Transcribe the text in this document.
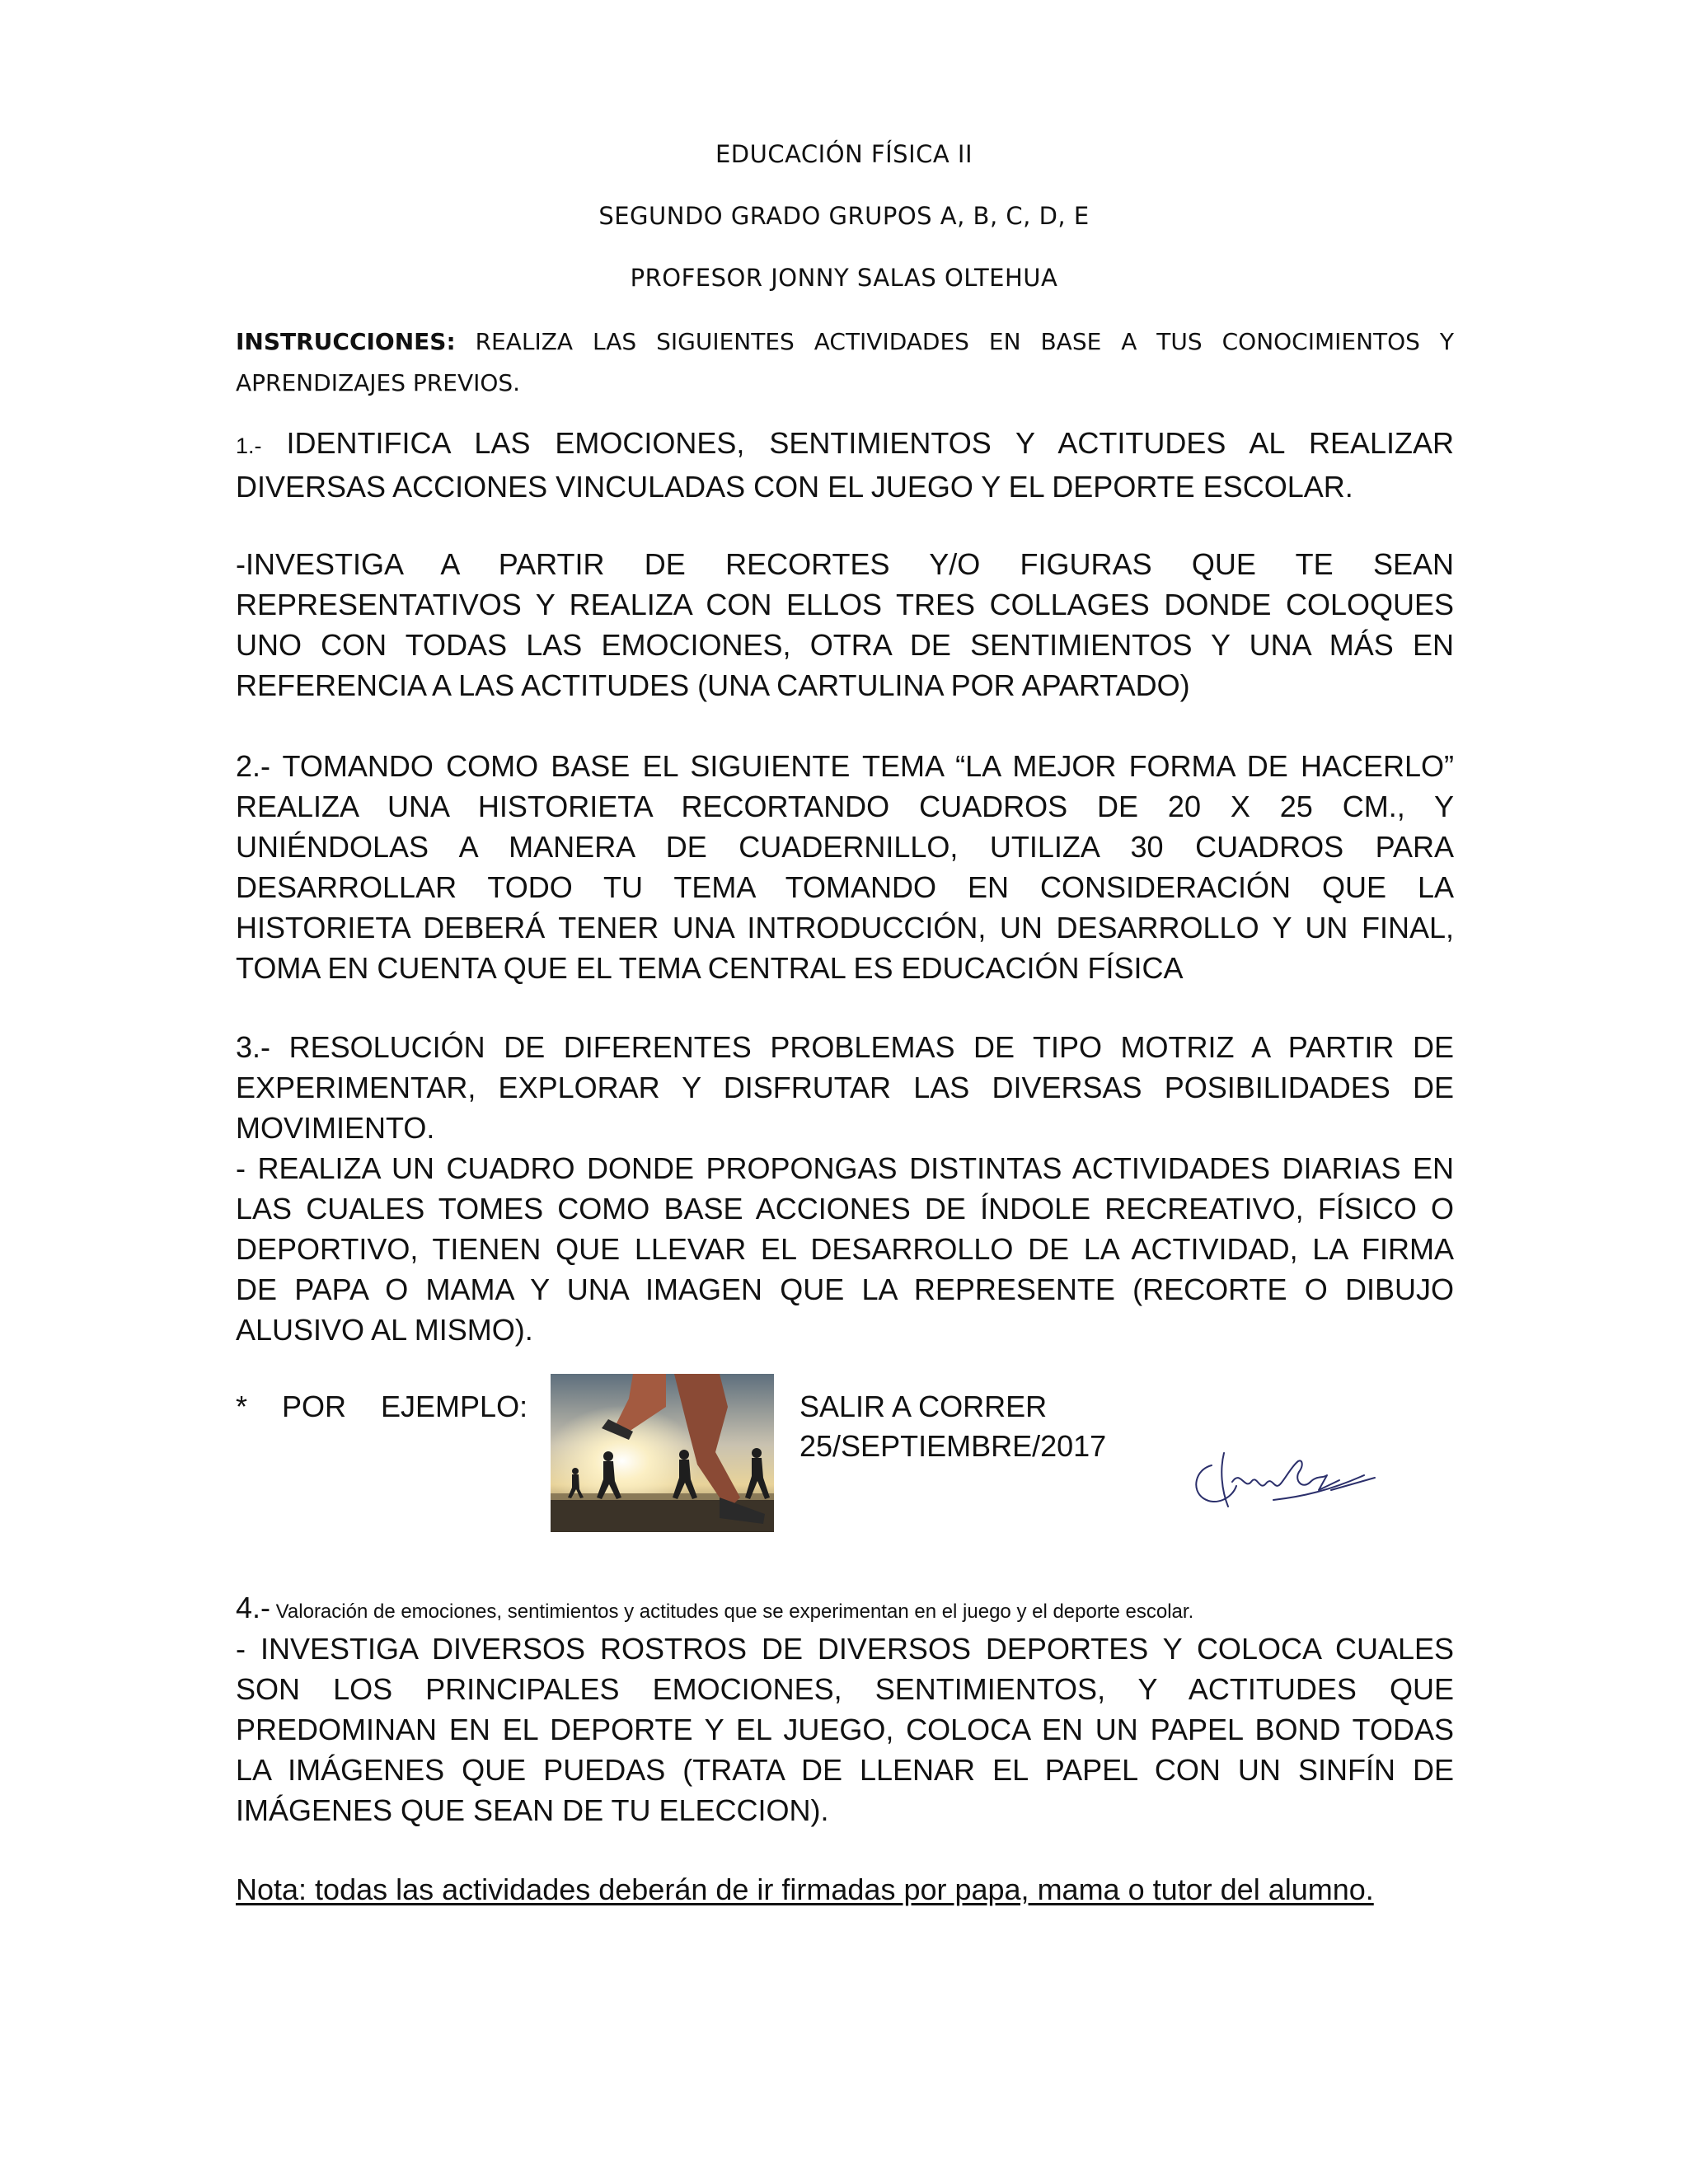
EDUCACIÓN FÍSICA II
SEGUNDO GRADO GRUPOS A, B, C, D, E
PROFESOR JONNY SALAS OLTEHUA
INSTRUCCIONES: REALIZA LAS SIGUIENTES ACTIVIDADES EN BASE A TUS CONOCIMIENTOS Y
APRENDIZAJES PREVIOS.
1.- IDENTIFICA LAS EMOCIONES, SENTIMIENTOS Y ACTITUDES AL REALIZAR
DIVERSAS ACCIONES VINCULADAS CON EL JUEGO Y EL DEPORTE ESCOLAR.
-INVESTIGA A PARTIR DE RECORTES Y/O FIGURAS QUE TE SEAN
REPRESENTATIVOS Y REALIZA CON ELLOS TRES COLLAGES DONDE COLOQUES
UNO CON TODAS LAS EMOCIONES, OTRA DE SENTIMIENTOS Y UNA MÁS EN
REFERENCIA A LAS ACTITUDES (UNA CARTULINA POR APARTADO)
2.- TOMANDO COMO BASE EL SIGUIENTE TEMA “LA MEJOR FORMA DE HACERLO”
REALIZA UNA HISTORIETA RECORTANDO CUADROS DE 20 X 25 CM., Y
UNIÉNDOLAS A MANERA DE CUADERNILLO, UTILIZA 30 CUADROS PARA
DESARROLLAR TODO TU TEMA TOMANDO EN CONSIDERACIÓN QUE LA
HISTORIETA DEBERÁ TENER UNA INTRODUCCIÓN, UN DESARROLLO Y UN FINAL,
TOMA EN CUENTA QUE EL TEMA CENTRAL ES EDUCACIÓN FÍSICA
3.- RESOLUCIÓN DE DIFERENTES PROBLEMAS DE TIPO MOTRIZ A PARTIR DE
EXPERIMENTAR, EXPLORAR Y DISFRUTAR LAS DIVERSAS POSIBILIDADES DE
MOVIMIENTO.
- REALIZA UN CUADRO DONDE PROPONGAS DISTINTAS ACTIVIDADES DIARIAS EN
LAS CUALES TOMES COMO BASE ACCIONES DE ÍNDOLE RECREATIVO, FÍSICO O
DEPORTIVO, TIENEN QUE LLEVAR EL DESARROLLO DE LA ACTIVIDAD, LA FIRMA
DE PAPA O MAMA Y UNA IMAGEN QUE LA REPRESENTE (RECORTE O DIBUJO
ALUSIVO AL MISMO).
* POR EJEMPLO:	SALIR A CORRER
25/SEPTIEMBRE/2017
4.- Valoración de emociones, sentimientos y actitudes que se experimentan en el juego y el deporte escolar.
- INVESTIGA DIVERSOS ROSTROS DE DIVERSOS DEPORTES Y COLOCA CUALES
SON LOS PRINCIPALES EMOCIONES, SENTIMIENTOS, Y ACTITUDES QUE
PREDOMINAN EN EL DEPORTE Y EL JUEGO, COLOCA EN UN PAPEL BOND TODAS
LA IMÁGENES QUE PUEDAS (TRATA DE LLENAR EL PAPEL CON UN SINFÍN DE
IMÁGENES QUE SEAN DE TU ELECCION).
Nota: todas las actividades deberán de ir firmadas por papa, mama o tutor del alumno.
